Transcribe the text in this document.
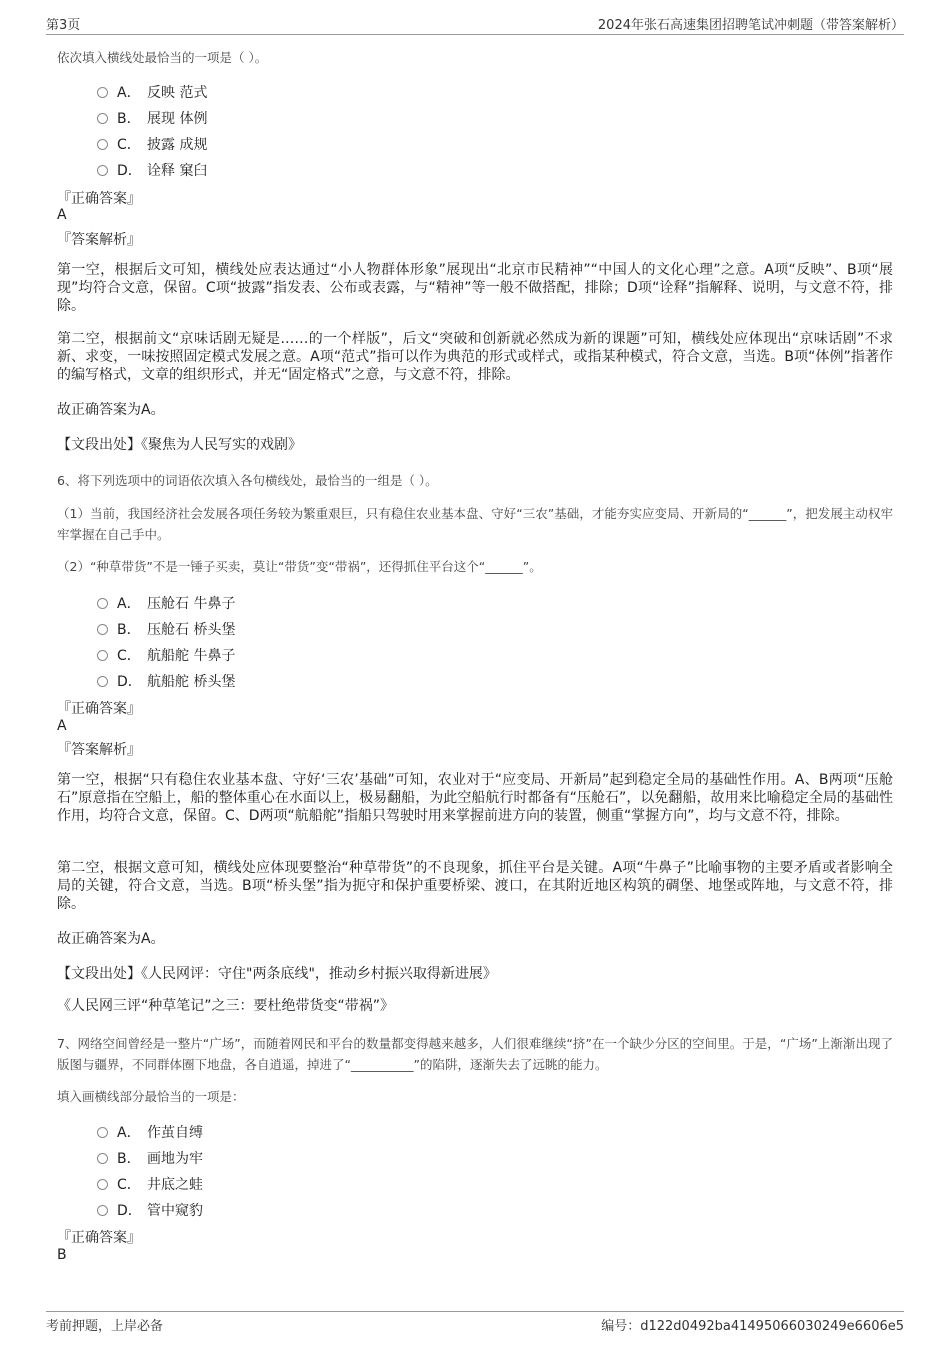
第3页	2024年张石高速集团招聘笔试冲刺题（带答案解析）
依次填入横线处最恰当的一项是（ ）。
A． 反映 范式
B． 展现 体例
C． 披露 成规
D． 诠释 窠臼
『正确答案』
A
『答案解析』
第一空，根据后文可知，横线处应表达通过“小人物群体形象”展现出“北京市民精神”“中国人的文化心理”之意。A项“反映”、B项“展现”均符合文意，保留。C项“披露”指发表、公布或表露，与“精神”等一般不做搭配，排除；D项“诠释”指解释、说明，与文意不符，排除。
第二空，根据前文“京味话剧无疑是……的一个样版”，后文“突破和创新就必然成为新的课题”可知，横线处应体现出“京味话剧”不求新、求变，一味按照固定模式发展之意。A项“范式”指可以作为典范的形式或样式，或指某种模式，符合文意，当选。B项“体例”指著作的编写格式，文章的组织形式，并无“固定格式”之意，与文意不符，排除。
故正确答案为A。
【文段出处】《聚焦为人民写实的戏剧》
6、将下列选项中的词语依次填入各句横线处，最恰当的一组是（ ）。
（1）当前，我国经济社会发展各项任务较为繁重艰巨，只有稳住农业基本盘、守好“三农”基础，才能夯实应变局、开新局的“______”，把发展主动权牢牢掌握在自己手中。
（2）“种草带货”不是一锤子买卖，莫让“带货”变“带祸”，还得抓住平台这个“______”。
A． 压舱石 牛鼻子
B． 压舱石 桥头堡
C． 航船舵 牛鼻子
D． 航船舵 桥头堡
『正确答案』
A
『答案解析』
第一空，根据“只有稳住农业基本盘、守好‘三农’基础”可知，农业对于“应变局、开新局”起到稳定全局的基础性作用。A、B两项“压舱石”原意指在空船上，船的整体重心在水面以上，极易翻船，为此空船航行时都备有“压舱石”，以免翻船，故用来比喻稳定全局的基础性作用，均符合文意，保留。C、D两项“航船舵”指船只驾驶时用来掌握前进方向的装置，侧重“掌握方向”，均与文意不符，排除。
第二空，根据文意可知，横线处应体现要整治“种草带货”的不良现象，抓住平台是关键。A项“牛鼻子”比喻事物的主要矛盾或者影响全局的关键，符合文意，当选。B项“桥头堡”指为扼守和保护重要桥梁、渡口，在其附近地区构筑的碉堡、地堡或阵地，与文意不符，排除。
故正确答案为A。
【文段出处】《人民网评：守住"两条底线"，推动乡村振兴取得新进展》
《人民网三评“种草笔记”之三：要杜绝带货变“带祸”》
7、网络空间曾经是一整片“广场”，而随着网民和平台的数量都变得越来越多，人们很难继续“挤”在一个缺少分区的空间里。于是，“广场”上渐渐出现了版图与疆界，不同群体圈下地盘，各自逍遥，掉进了“__________”的陷阱，逐渐失去了远眺的能力。
填入画横线部分最恰当的一项是：
A． 作茧自缚
B． 画地为牢
C． 井底之蛙
D． 管中窥豹
『正确答案』
B
考前押题，上岸必备	编号：d122d0492ba41495066030249e6606e5
